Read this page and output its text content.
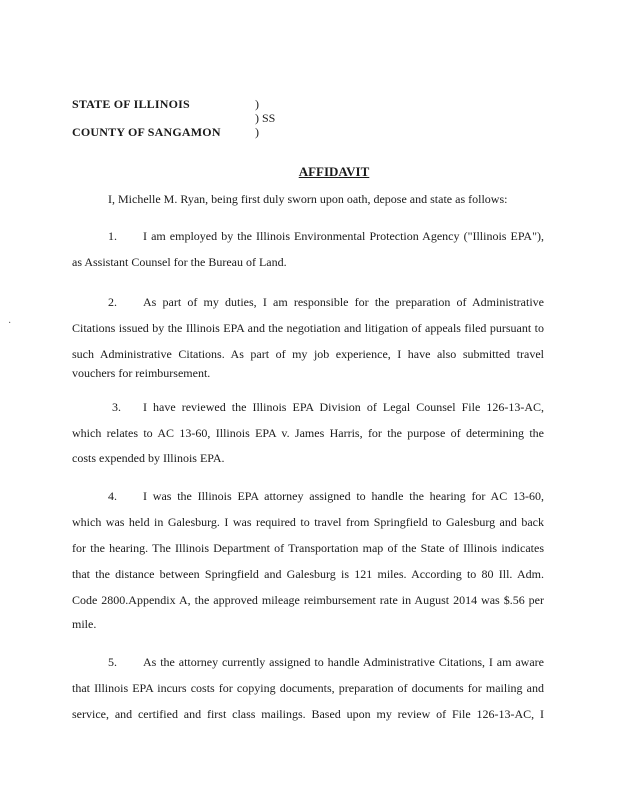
STATE OF ILLINOIS	)
) SS
COUNTY OF SANGAMON	)
AFFIDAVIT
I, Michelle M. Ryan, being first duly sworn upon oath, depose and state as follows:
1. I am employed by the Illinois Environmental Protection Agency ("Illinois EPA"),
as Assistant Counsel for the Bureau of Land.
2. As part of my duties, I am responsible for the preparation of Administrative
Citations issued by the Illinois EPA and the negotiation and litigation of appeals filed pursuant to
such Administrative Citations. As part of my job experience, I have also submitted travel
vouchers for reimbursement.
·
3. I have reviewed the Illinois EPA Division of Legal Counsel File 126-13-AC,
which relates to AC 13-60, Illinois EPA v. James Harris, for the purpose of determining the
costs expended by Illinois EPA.
4. I was the Illinois EPA attorney assigned to handle the hearing for AC 13-60,
which was held in Galesburg. I was required to travel from Springfield to Galesburg and back
for the hearing. The Illinois Department of Transportation map of the State of Illinois indicates
that the distance between Springfield and Galesburg is 121 miles. According to 80 Ill. Adm.
Code 2800.Appendix A, the approved mileage reimbursement rate in August 2014 was $.56 per
mile.
5. As the attorney currently assigned to handle Administrative Citations, I am aware
that Illinois EPA incurs costs for copying documents, preparation of documents for mailing and
service, and certified and first class mailings. Based upon my review of File 126-13-AC, I
